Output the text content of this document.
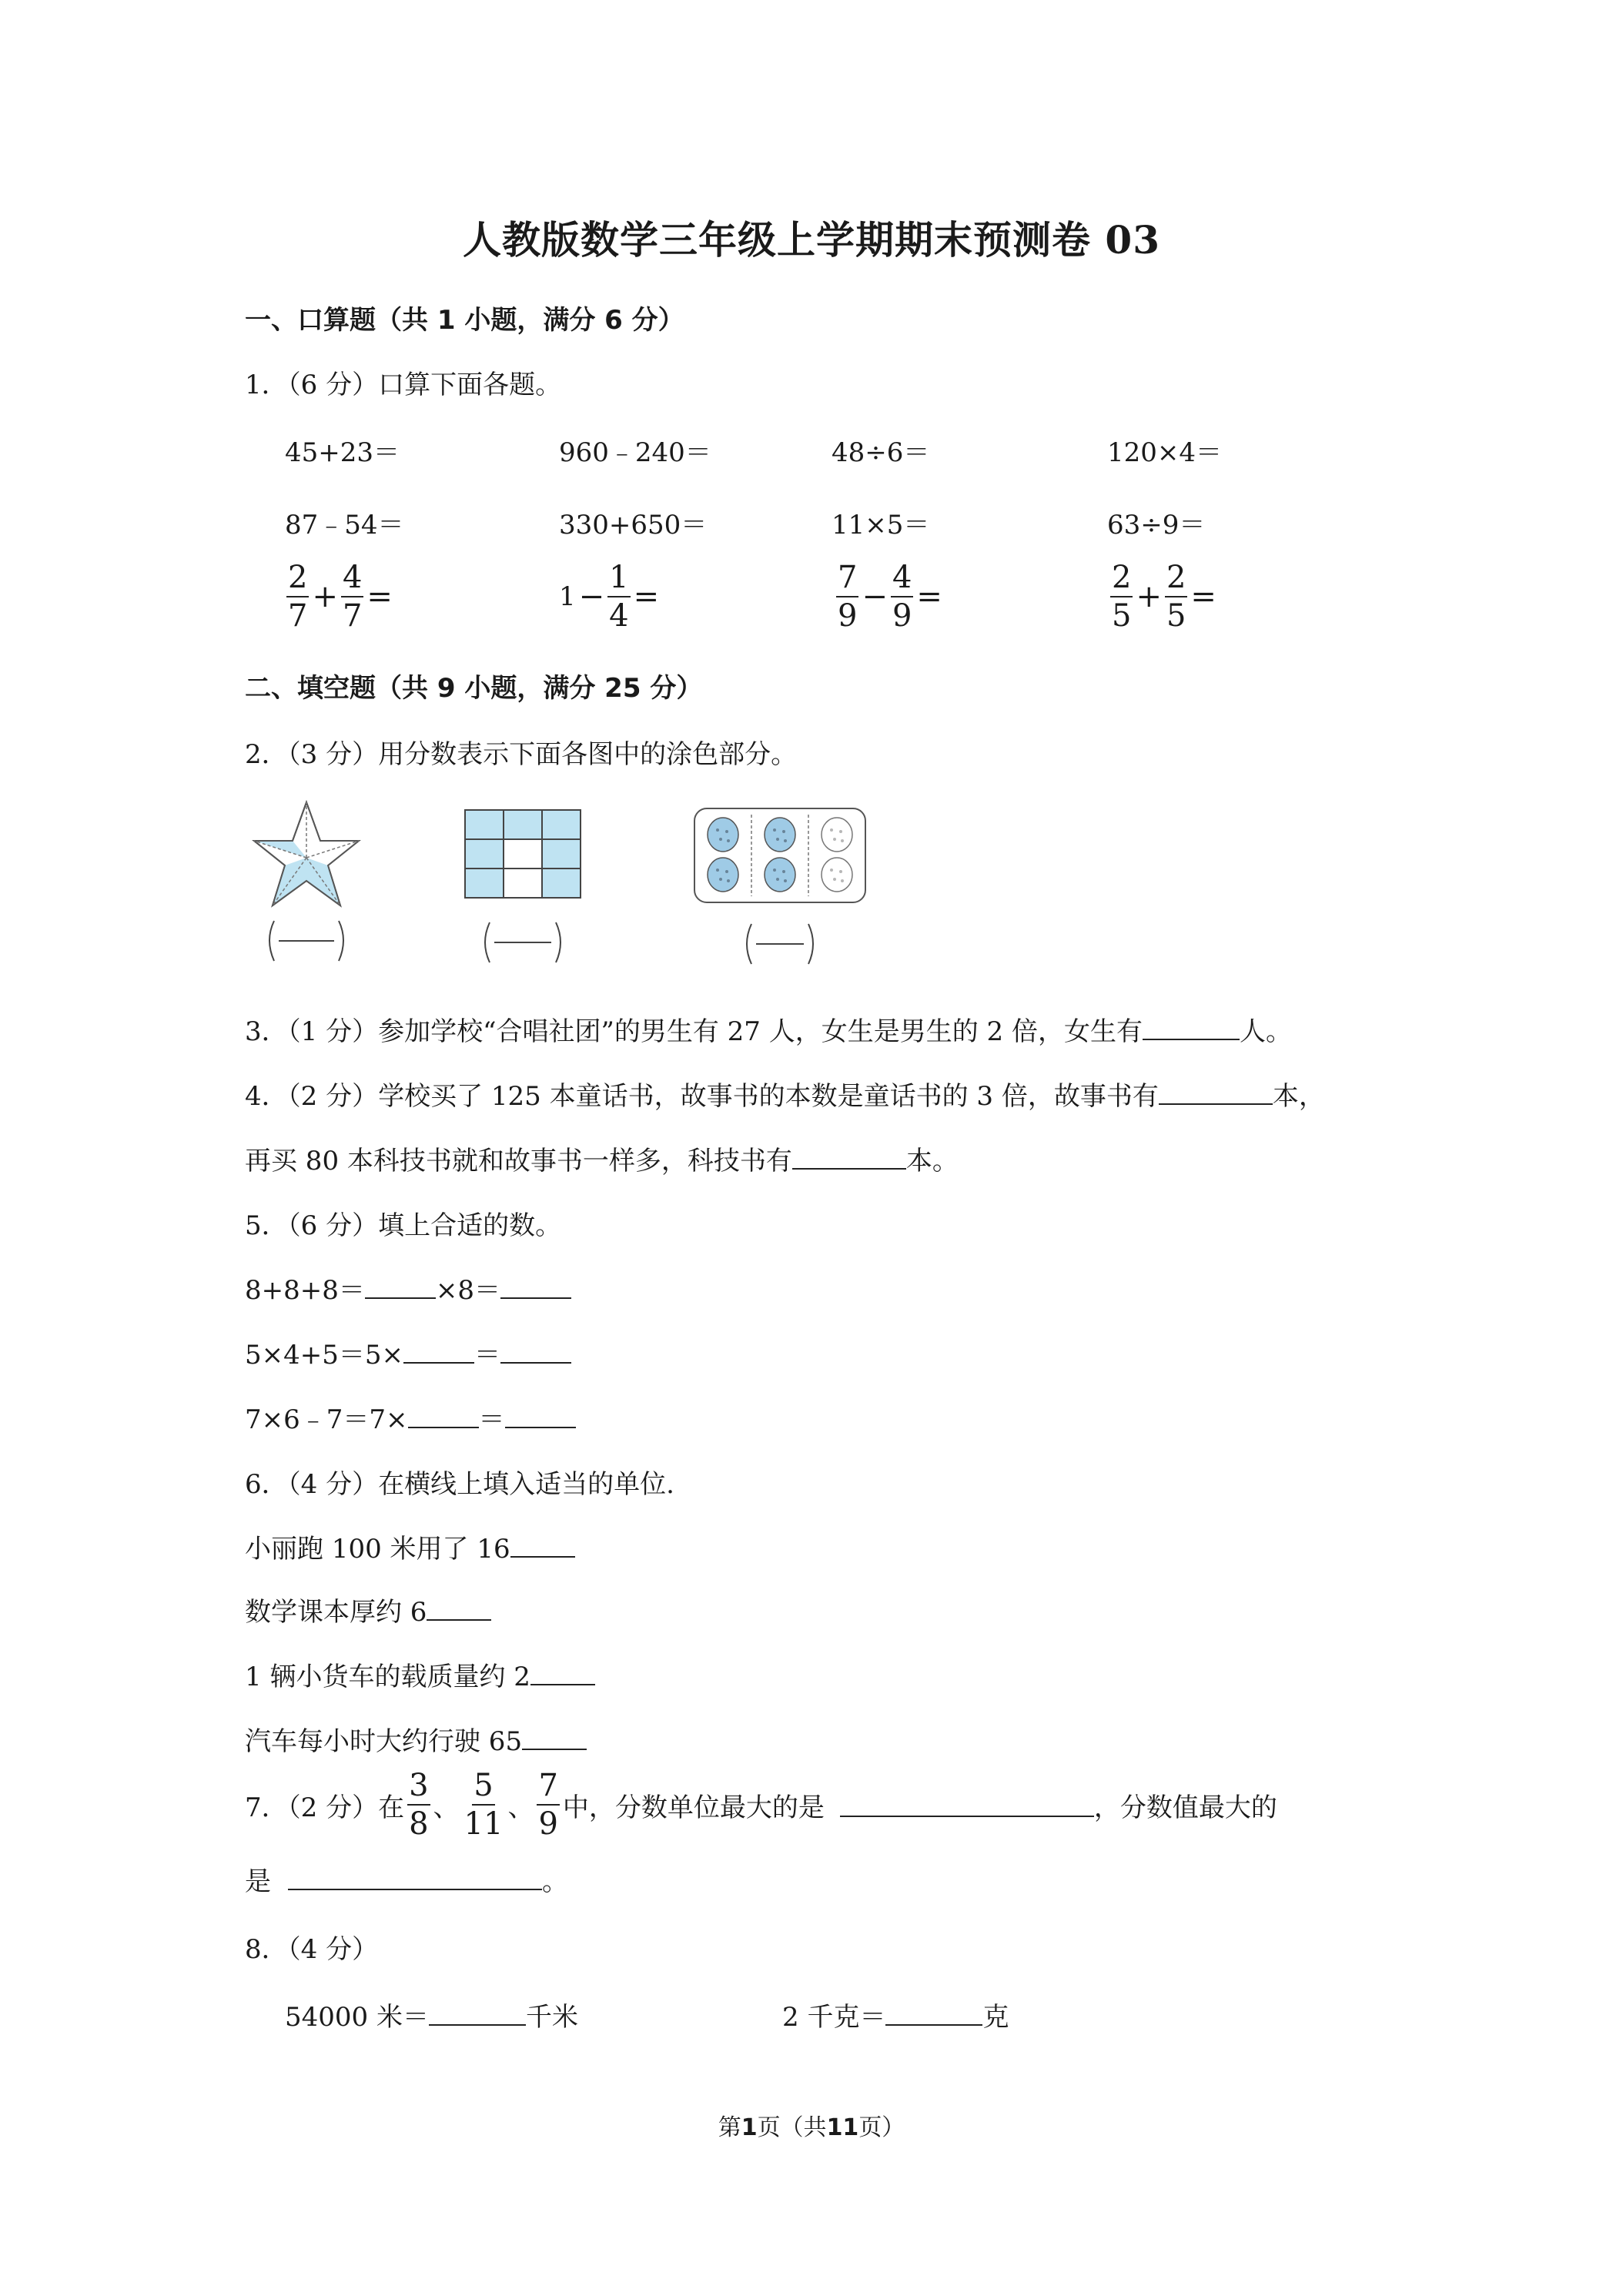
人教版数学三年级上学期期末预测卷 03
一、口算题（共 1 小题，满分 6 分）
1．（6 分）口算下面各题。
45+23＝	960﹣240＝	48÷6＝	120×4＝
87﹣54＝	330+650＝	11×5＝	63÷9＝
$\frac{2}{7} + \frac{4}{7}$ =	$1 - \frac{1}{4}$ =	$\frac{7}{9} - \frac{4}{9}$ =	$\frac{2}{5} + \frac{2}{5}$ =
二、填空题（共 9 小题，满分 25 分）
2．（3 分）用分数表示下面各图中的涂色部分。
3．（1 分）参加学校“合唱社团”的男生有 27 人，女生是男生的 2 倍，女生有	人。
4．（2 分）学校买了 125 本童话书，故事书的本数是童话书的 3 倍，故事书有	本，
再买 80 本科技书就和故事书一样多，科技书有	本。
5．（6 分）填上合适的数。
8+8+8＝	×8＝
5×4+5＝5×	＝
7×6﹣7＝7×	＝
6．（4 分）在横线上填入适当的单位.
小丽跑 100 米用了 16
数学课本厚约 6
1 辆小货车的载质量约 2
汽车每小时大约行驶 65
7．（2 分）在 $\frac{3}{8}$ 、 $\frac{5}{11}$ 、 $\frac{7}{9}$ 中，分数单位最大的是	，分数值最大的
是	。
8．（4 分）
54000 米＝	千米	2 千克＝	克
第1页（共11页）
